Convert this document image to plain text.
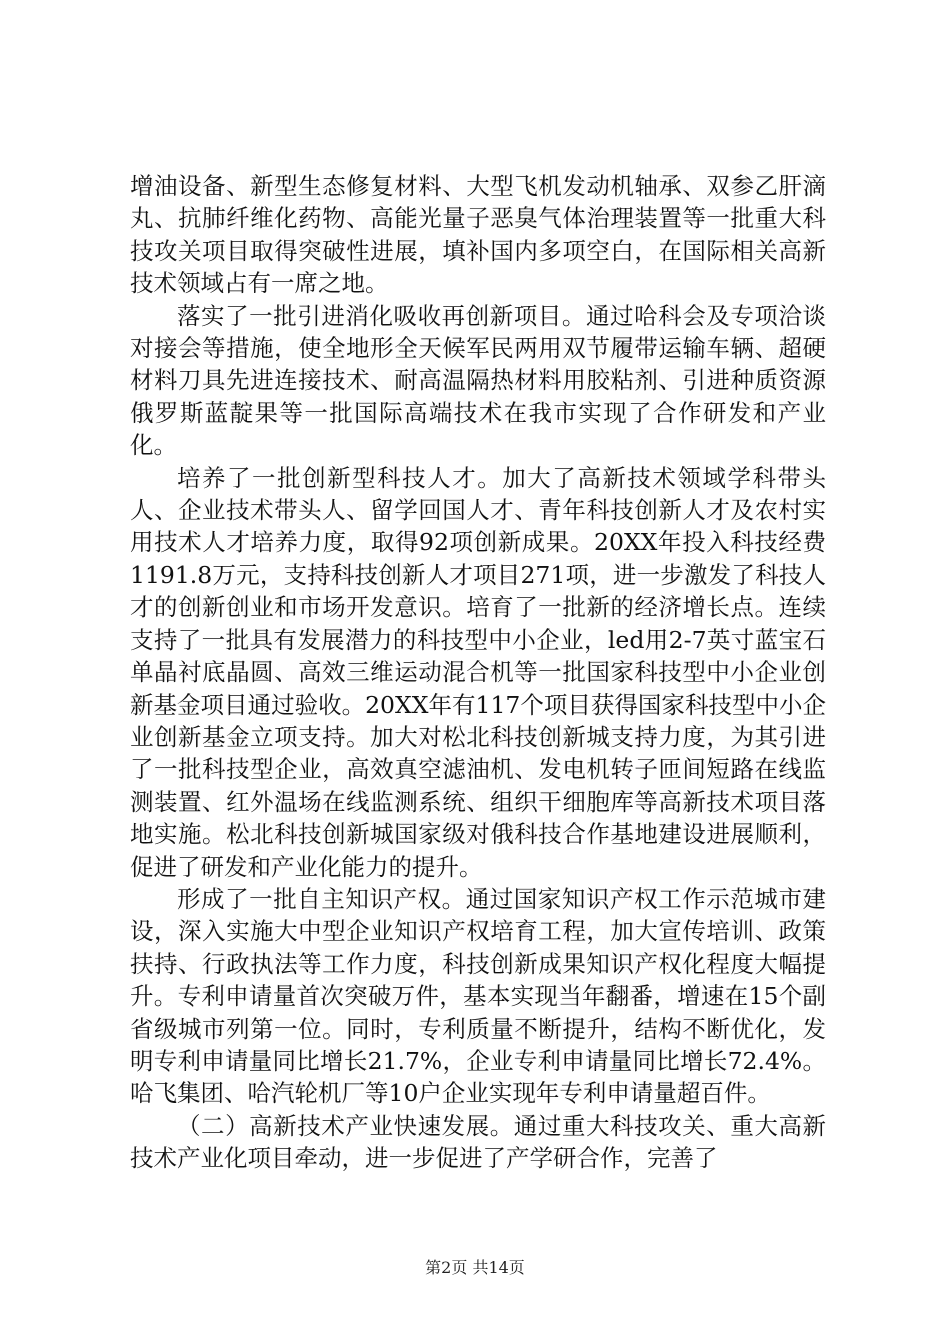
增油设备、新型生态修复材料、大型飞机发动机轴承、双参乙肝滴丸、抗肺纤维化药物、高能光量子恶臭气体治理装置等一批重大科技攻关项目取得突破性进展，填补国内多项空白，在国际相关高新技术领域占有一席之地。

落实了一批引进消化吸收再创新项目。通过哈科会及专项洽谈对接会等措施，使全地形全天候军民两用双节履带运输车辆、超硬材料刀具先进连接技术、耐高温隔热材料用胶粘剂、引进种质资源俄罗斯蓝靛果等一批国际高端技术在我市实现了合作研发和产业化。

培养了一批创新型科技人才。加大了高新技术领域学科带头人、企业技术带头人、留学回国人才、青年科技创新人才及农村实用技术人才培养力度，取得92项创新成果。20XX年投入科技经费1191.8万元，支持科技创新人才项目271项，进一步激发了科技人才的创新创业和市场开发意识。培育了一批新的经济增长点。连续支持了一批具有发展潜力的科技型中小企业，led用2-7英寸蓝宝石单晶衬底晶圆、高效三维运动混合机等一批国家科技型中小企业创新基金项目通过验收。20XX年有117个项目获得国家科技型中小企业创新基金立项支持。加大对松北科技创新城支持力度，为其引进了一批科技型企业，高效真空滤油机、发电机转子匝间短路在线监测装置、红外温场在线监测系统、组织干细胞库等高新技术项目落地实施。松北科技创新城国家级对俄科技合作基地建设进展顺利，促进了研发和产业化能力的提升。

形成了一批自主知识产权。通过国家知识产权工作示范城市建设，深入实施大中型企业知识产权培育工程，加大宣传培训、政策扶持、行政执法等工作力度，科技创新成果知识产权化程度大幅提升。专利申请量首次突破万件，基本实现当年翻番，增速在15个副省级城市列第一位。同时，专利质量不断提升，结构不断优化，发明专利申请量同比增长21.7%，企业专利申请量同比增长72.4%。哈飞集团、哈汽轮机厂等10户企业实现年专利申请量超百件。

（二）高新技术产业快速发展。通过重大科技攻关、重大高新技术产业化项目牵动，进一步促进了产学研合作，完善了

第2页 共14页
